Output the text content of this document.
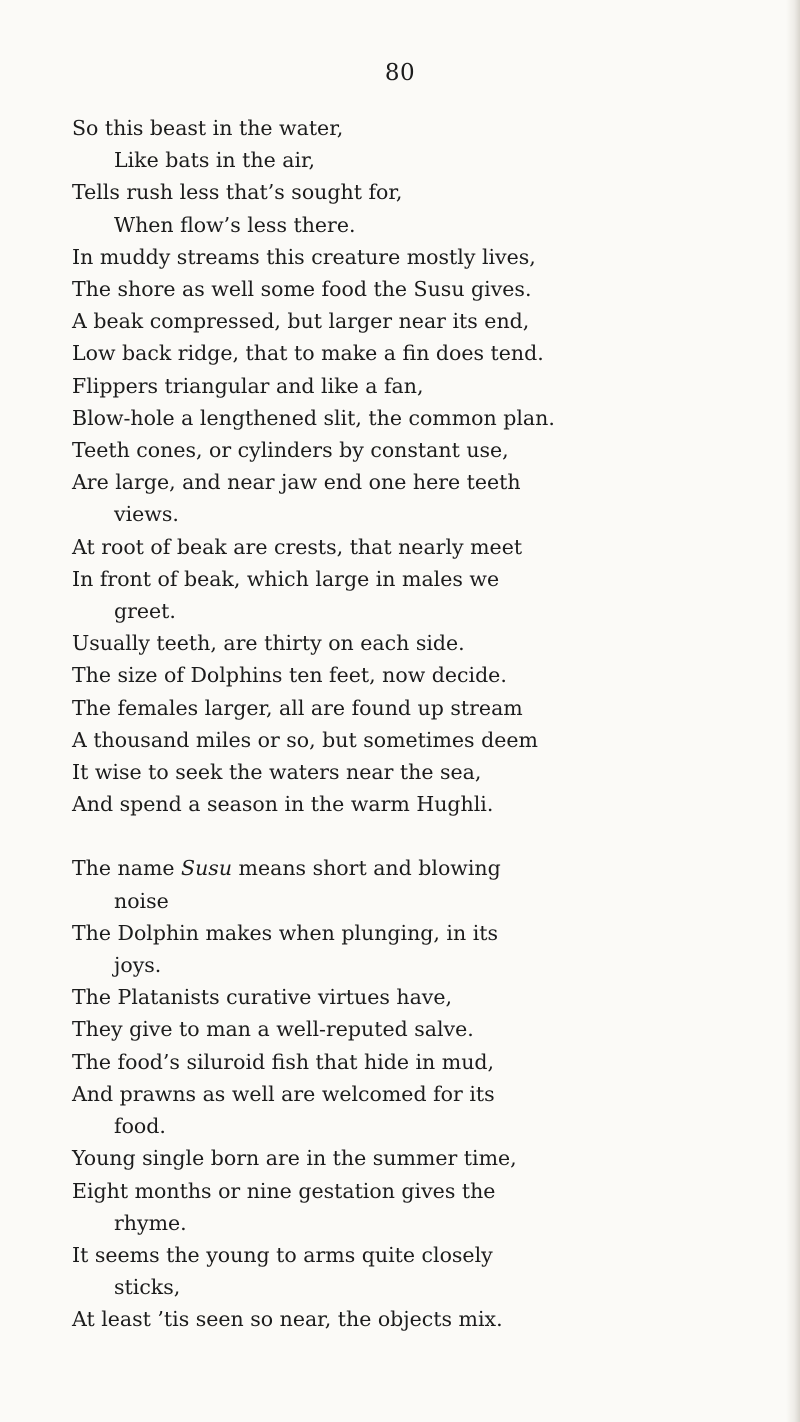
80
So this beast in the water,
Like bats in the air,
Tells rush less that’s sought for,
When flow’s less there.
In muddy streams this creature mostly lives,
The shore as well some food the Susu gives.
A beak compressed, but larger near its end,
Low back ridge, that to make a fin does tend.
Flippers triangular and like a fan,
Blow-hole a lengthened slit, the common plan.
Teeth cones, or cylinders by constant use,
Are large, and near jaw end one here teeth
views.
At root of beak are crests, that nearly meet
In front of beak, which large in males we
greet.
Usually teeth, are thirty on each side.
The size of Dolphins ten feet, now decide.
The females larger, all are found up stream
A thousand miles or so, but sometimes deem
It wise to seek the waters near the sea,
And spend a season in the warm Hughli.
The name Susu means short and blowing
noise
The Dolphin makes when plunging, in its
joys.
The Platanists curative virtues have,
They give to man a well-reputed salve.
The food’s siluroid fish that hide in mud,
And prawns as well are welcomed for its
food.
Young single born are in the summer time,
Eight months or nine gestation gives the
rhyme.
It seems the young to arms quite closely
sticks,
At least ’tis seen so near, the objects mix.
